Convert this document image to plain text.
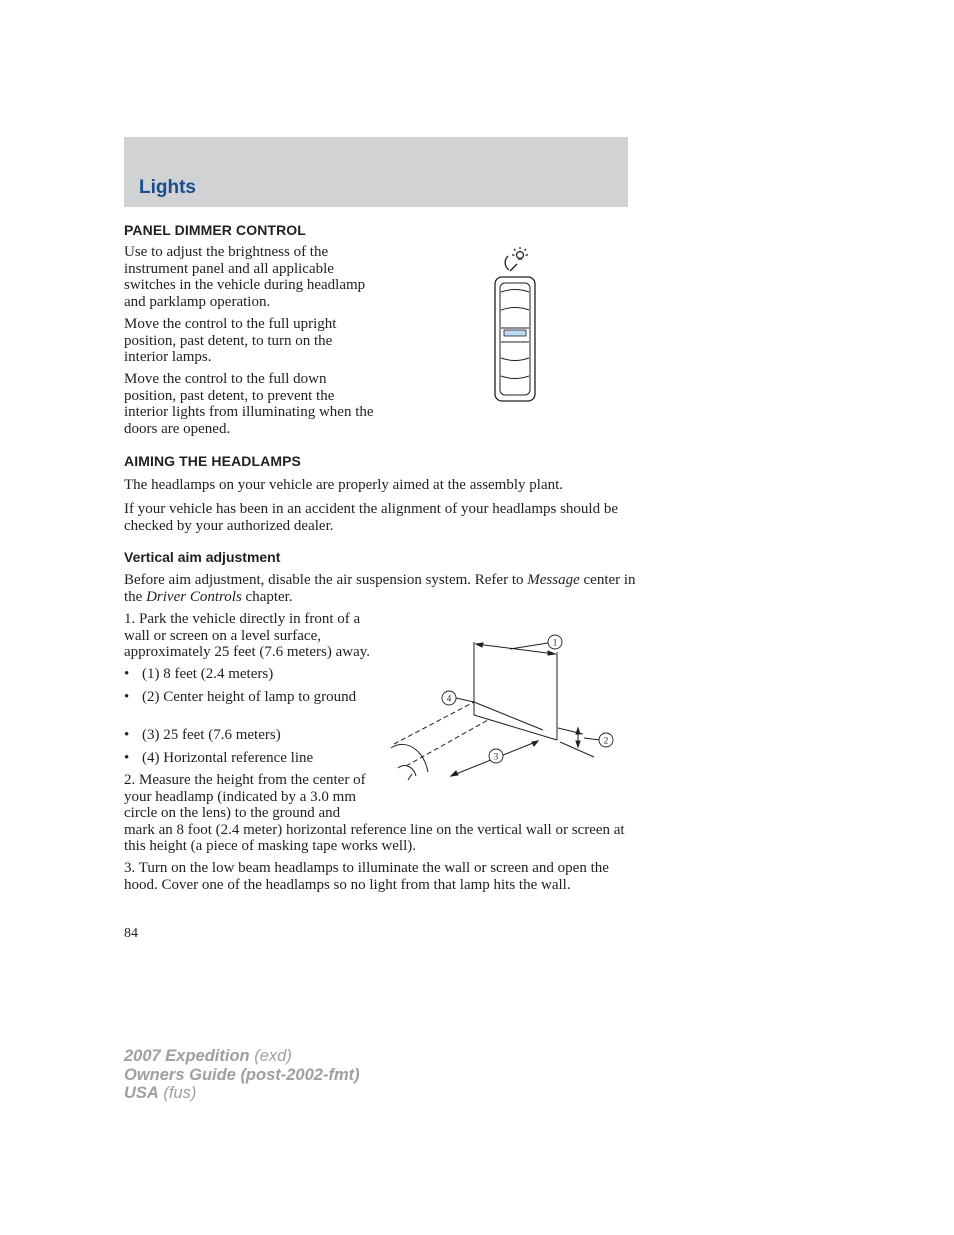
Lights
PANEL DIMMER CONTROL

Use to adjust the brightness of the instrument panel and all applicable switches in the vehicle during headlamp and parklamp operation.

Move the control to the full upright position, past detent, to turn on the interior lamps.

Move the control to the full down position, past detent, to prevent the interior lights from illuminating when the doors are opened.

AIMING THE HEADLAMPS

The headlamps on your vehicle are properly aimed at the assembly plant.

If your vehicle has been in an accident the alignment of your headlamps should be checked by your authorized dealer.

Vertical aim adjustment

Before aim adjustment, disable the air suspension system. Refer to Message center in the Driver Controls chapter.

1. Park the vehicle directly in front of a wall or screen on a level surface, approximately 25 feet (7.6 meters) away.

• (1) 8 feet (2.4 meters)
• (2) Center height of lamp to ground
• (3) 25 feet (7.6 meters)
• (4) Horizontal reference line
2. Measure the height from the center of your headlamp (indicated by a 3.0 mm circle on the lens) to the ground and mark an 8 foot (2.4 meter) horizontal reference line on the vertical wall or screen at this height (a piece of masking tape works well).

3. Turn on the low beam headlamps to illuminate the wall or screen and open the hood. Cover one of the headlamps so no light from that lamp hits the wall.

1
2
3
4

84

2007 Expedition (exd)
Owners Guide (post-2002-fmt)
USA (fus)
